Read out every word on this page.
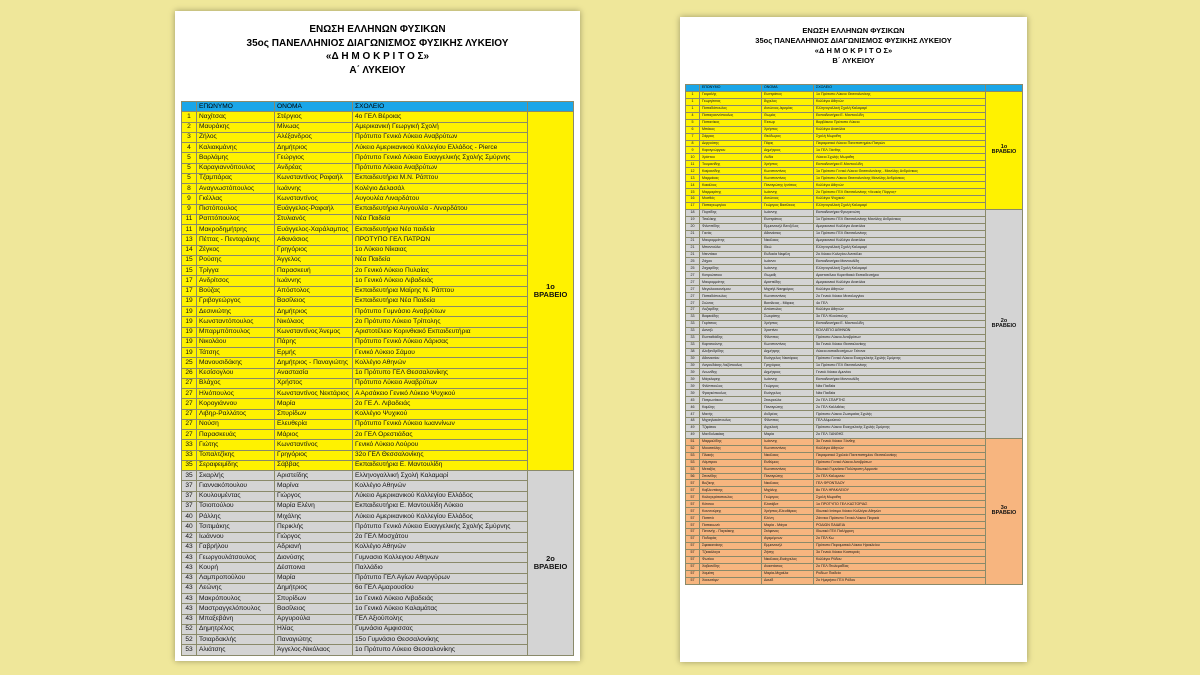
ΕΝΩΣΗ ΕΛΛΗΝΩΝ ΦΥΣΙΚΩΝ
35ος ΠΑΝΕΛΛΗΝΙΟΣ ΔΙΑΓΩΝΙΣΜΟΣ ΦΥΣΙΚΗΣ ΛΥΚΕΙΟΥ
«Δ Η Μ Ο Κ Ρ Ι Τ Ο Σ»
Α΄ ΛΥΚΕΙΟΥ
	ΕΠΩΝΥΜΟ	ΟΝΟΜΑ	ΣΧΟΛΕΙΟ	
1	Ναχίτσας	Στέργιος	4ο ΓΕΛ Βέροιας	1ο ΒΡΑΒΕΙΟ
2	Μαυράκης	Μίνωας	Αμερικανική Γεωργική Σχολή	
3	Ζήλος	Αλέξανδρος	Πρότυπο Γενικό Λύκειο Αναβρύτων	
4	Καλιακμάνης	Δημήτριος	Λύκειο Αμερικανικού Κολλεγίου Ελλάδος - Pierce	
5	Βαρλάμης	Γεώργιος	Πρότυπο Γενικό Λύκειο Ευαγγελικής Σχολής Σμύρνης	
5	Καραγιαννόπουλος	Ανδρέας	Πρότυπο Λύκειο Αναβρύτων	
5	Τζαμπάρας	Κωνσταντίνος Ραφαήλ	Εκπαιδευτήρια Μ.Ν. Ράπτου	
8	Αναγνωστόπουλος	Ιωάννης	Κολέγιο Δελασάλ	
9	Γκέλλας	Κωνσταντίνος	Αυγουλέα Λιναρδάτου	
9	Πιστόπουλος	Ευάγγελος-Ραφαήλ	Εκπαιδευτήρια Αυγουλέα - Λιναρδάτου	
11	Ραπτόπουλος	Στυλιανός	Νέα Παιδεία	
11	Μακροδημήτρης	Ευάγγελος-Χαράλαμπος	Εκπαιδευτήρια Νέα παιδεία	
13	Πέττας - Πενταράκης	Αθανάσιος	ΠΡΟΤΥΠΟ ΓΕΛ ΠΑΤΡΩΝ	
14	Ζέγκος	Γρηγόριος	1ο Λύκειο Νίκαιας	
15	Ρούσης	Άγγελος	Νέα Παιδεία	
15	Τρίγγα	Παρασκευή	2ο Γενικό Λύκειο Πυλαίας	
17	Ανδρίτσος	Ιωάννης	1ο Γενικό Λύκειο Λιβαδειάς	
17	Βούζας	Απόστολος	Εκπαιδευτήρια Μαίρης Ν. Ράπτου	
19	Γριβογεώργος	Βασίλειος	Εκπαιδευτήρια Νέα Παιδεία	
19	Δεσινιώτης	Δημήτριος	Πρότυπο Γυμνάσιο Αναβρύτων	
19	Κωνσταντόπουλος	Νικόλαος	2ο Πρότυπο Λύκειο Τρίπολης	
19	Μπαρμπόπουλος	Κωνσταντίνος Άνεμος	Αριστοτέλειο Κορινθιακό Εκπαιδευτήρια	
19	Νικολάου	Πάρης	Πρότυπο Γενικό Λύκειο Λάρισας	
19	Τάτσης	Ερμής	Γενικό Λύκειο Σάμου	
25	Μανουσιδάκης	Δημήτριος - Παναγιώτης	Κολλέγιο Αθηνών	
26	Κεσίσογλου	Αναστασία	1ο Πρότυπο ΓΕΛ Θεσσαλονίκης	
27	Βλάχος	Χρήστος	Πρότυπο Λύκειο Αναβρύτων	
27	Ηλιόπουλος	Κωνσταντίνος Νεκτάριος	Α Αρσάκειο Γενικό Λύκειο Ψυχικού	
27	Κοροyιάννου	Μαρία	2ο ΓΕ.Λ. Λιβαδειάς	
27	Λιβηρ-Ραλλάτος	Σπυρίδων	Κολλέγιο Ψυχικού	
27	Νούση	Ελευθερία	Πρότυπο Γενικό Λύκειο Ιωαννίνων	
27	Παρασκευάς	Μάριος	2ο ΓΕΛ Ορεστιάδας	
33	Γιώτης	Κωνσταντίνος	Γενικό Λύκειο Λούρου	
33	Τοπαλτζίκης	Γρηγόριος	32ο ΓΕΛ Θεσσαλονίκης	
35	Σεραφειμίδης	Σάββας	Εκπαιδευτήρια Ε. Μαντουλίδη	
35	Σκαρλής	Αριστείδης	Ελληνογαλλική Σχολή Καλαμαρί	2ο ΒΡΑΒΕΙΟ
37	Γιαννακόπουλου	Μαρίνα	Κολλέγιο Αθηνών	
37	Κουλουμέντας	Γιώργος	Λύκειο Αμερικανικού Κολλεγίου Ελλάδος	
37	Τσιοπούλου	Μαρία Ελένη	Εκπαιδευτήρια Ε. Μαντουλίδη Λύκειο	
40	Ράλλης	Μιχάλης	Λύκειο Αμερικανικού Κολλεγίου Ελλάδος	
40	Τσιτιμάκης	Περικλής	Πρότυπο Γενικό Λύκειο Ευαγγελικής Σχολής Σμύρνης	
42	Ιωάννου	Γιώργος	2ο ΓΕΛ Μοσχάτου	
43	Γαβρήλου	Αδριανή	Κολλέγιο Αθηνών	
43	Γεωργουλάτσουλος	Διονύσης	Γυμνασιο Κολλεγιου Αθηνων	
43	Κουρή	Δέσποινα	Παλλάδιο	
43	Λαμπροπούλου	Μαρία	Πρότυπο ΓΕΛ Αγίων Αναργύρων	
43	Λεώνης	Δημήτριος	6ο ΓΕΛ Αμαρουσίου	
43	Μακρόπουλος	Σπυρίδων	1ο Γενικό Λύκειο Λιβαδειάς	
43	Μαστραγγελόπουλος	Βασίλειος	1ο Γενικό Λύκειο Καλαμάτας	
43	Μπαξεβάνη	Αργυρούλα	ΓΕΛ Αξιούπολης	
52	Δημητρέλος	Ηλίας	Γυμνάσιο Αμφισσας	
52	Τσιαρδακλής	Παναγιώτης	15ο Γυμνάσιο Θεσσαλονίκης	
53	Αλιάτσης	Άγγελος-Νικόλαος	1ο Πρότυπο Λύκειο Θεσσαλονίκης	
ΕΝΩΣΗ ΕΛΛΗΝΩΝ ΦΥΣΙΚΩΝ
35ος ΠΑΝΕΛΛΗΝΙΟΣ ΔΙΑΓΩΝΙΣΜΟΣ ΦΥΣΙΚΗΣ ΛΥΚΕΙΟΥ
«Δ Η Μ Ο Κ Ρ Ι Τ Ο Σ»
Β΄ ΛΥΚΕΙΟΥ
	ΕΠΩΝΥΜΟ	ΟΝΟΜΑ	ΣΧΟΛΕΙΟ	
1	Γιαμαλής	Ευστράτιος	1ο Πρότυπο Λύκειο Θεσσαλονίκης	1ο ΒΡΑΒΕΙΟ
1	Γεωργίτσας	Άγγελος	Κολλέγιο Αθηνών	
1	Παπαδόπουλος	Αντώνιος-Ιερεμίας	Ελληνογαλλική Σχολή Καλαμαρί	
4	Παπαγιαννόπουλος	Θωμάς	Εκπαιδευτήρια Ε. Μαντουλίδη	
5	Παπανίκας	Έκτωρ	Βαρβάκειο Πρότυπο Λύκειο	
6	Μπάκος	Χρήστος	Κολλέγιο Ανατόλια	
7	Σάρρας	Θεόδωρος	Σχολή Μωραΐτη	
8	Δεργούτης	Πάρις	Πειραματικό Λύκειο Πανεπιστημίου Πατρών	
9	Καραγεώργιου	Δημήτριος	1ο ΓΕΛ Ξάνθης	
10	Χρίστου	Λυδία	Λύκειο Σχολής Μωραΐτη	
11	Τουμανίδης	Χρήστος	Εκπαιδευτήρια Ε.Μαντουλίδη	
12	Καψιανίδης	Κωνσταντίνος	1ο Πρότυπο Γενικό Λύκειο Θεσσαλονίκης - Μανόλης Ανδρόνικος	
13	Μαρμάκας	Κωνσταντίνος	1ο Πρότυπο Λύκειο Θεσσαλονίκης Μανόλης Ανδρόνικος	
14	Κακάλιος	Παναγιώτης Ιγνάτιος	Κολλέγιο Αθηνών	
15	Μαρμαρίτης	Ιωάννης	2ο Πρότυπο ΓΕΛ Θεσσαλονίκης «Λευκός Πύργος»	
16	Μυσθός	Αντώνιος	Κολλέγιο Ψυχικού	
17	Παπαγεωργίου	Γεώργιος Βασίλειος	Ελληνογαλλική Σχολή Καλαμαρί	
18	Πορτίδης	Ιωάννης	Εκπαιδευτήρια Φρυγανιώτη	2ο ΒΡΑΒΕΙΟ
19	Τσαλίκης	Ευστράτιος	1ο Πρότυπο ΓΕΛ Θεσσαλονίκης Μανόλης Ανδρόνικος	
20	Φιλιππίδης	Εμμανουήλ Βενιζέλος	Αμερικανικό Κολλέγιο Ανατόλια	
21	Γανάς	Αθανάσιος	1ο Πρότυπο ΓΕΛ Θεσσαλονίκης	
21	Μαυρομμάτης	Νικόλαος	Αμερικανικό Κολλέγιο Ανατόλια	
21	Μπαντούλα	Ιδεώ	Ελληνογαλλική Σχολή Καλαμαρί	
21	Ντεντάκα	Ευδοκία Νεφέλη	2ο Λύκειο Κολεγίου Ανατόλια	
25	Ζάχου	Ιωάννα	Εκπαιδευτήρια Μαντουλίδη	
25	Ζαχαρίδης	Ιωάννης	Ελληνογαλλική Σχολή Καλαμαρί	
27	Κατριώτσιου	Θωμαΐς	Αριστοτέλειο Κορινθιακό Εκπαιδευτήριο	
27	Μαυρομμάτης	Αριστείδης	Αμερικανικό Κολλέγιο Ανατόλια	
27	Μεγαλοοικονόμου	Μιχαήλ Νικηφόρος	Κολλέγιο Αθηνών	
27	Παπαδόπουλος	Κωνσταντίνος	2ο Γενικό Λύκειο Μεσολογγίου	
27	Σιώνας	Βασίλειος - Μάριος	4ο ΓΕΛ	
27	Λαζαρίδης	Απόστολος	Κολλέγιο Αθηνών	
33	Βαφειάδης	Σωκράτης	3ο ΓΕΛ Ηλιούπολης	
33	Γκρίτσιος	Χρήστος	Εκπαιδευτήρια Ε. Μαντουλίδη	
33	Δανιήλ	Χριστίνα	ΚΟΛΛΕΓΙΟ ΑΘΗΝΩΝ	
33	Ευσταθιάδης	Φίλιππος	Πρότυπο Λύκειο Αναβρύτων	
33	Καρτσιούνης	Κωνσταντίνος	5ο Γενικό Λύκειο Θεσσαλονίκης	
38	Αλεξανδρίδης	Δημήτρης	Λύκειο εκπαιδευτήριων Γείτονα	
39	Αθανασίου	Ευάγγελος Νεκτάριος	Πρότυπο Γενικό Λύκειο Ευαγγελικής Σχολής Σμύρνης	
39	Λαγουδάκης Λαζόπουλος	Γρηγόριος	1ο Πρότυπο ΓΕΛ Θεσσαλονίκης	
39	Λεωνίδης	Δημήτριος	Γενικό Λύκειο Αμυνίου	
39	Μάγκλαρης	Ιωάννης	Εκπαιδευτήρια Μαντουλίδη	
39	Φιλίππουλος	Γεώργιος	Νέα Παιδεία	
39	Φραγκόπουλος	Ευάγγελος	Νέα Παιδεία	
45	Πατρωνάκου	Σταυρούλα	2ο ΓΕΛ ΣΠΑΡΤΗΣ	
46	Καμίλης	Παναγιώτης	2ο ΓΕΛ Καλλιθέας	
47	Μανής	Ανδρέας	Πρότυπο Λύκειο Ζωσιμαίας Σχολής	
48	Μιχαηλακόπουλος	Φίλιππος	ΓΕΛ Αλιμούσού	
49	Τζιφάτου	Αγγελική	Πρότυπο Λύκειο Ευαγγελικής Σχολής Σμύρνης	
49	Μανδυλακάκη	Μαρία	2ο ΓΕΛ ΞΑΝΘΗΣ	
51	Μαρμαλίδης	Ιωάννης	3ο Γενικό Λύκειο Ξάνθης	3ο ΒΡΑΒΕΙΟ
52	Μουσσάλης	Κωνσταντίνος	Κολλέγιο Αθηνών	
53	Πλακής	Νικόλαος	Πειραματικό Σχολείο Πανεπιστημίου Θεσσαλονίκης	
53	Λάμπρου	Ευθύμιος	Πρότυπο Γενικό Λύκειο Αναβρύτων	
53	Μεταξάς	Κωνσταντίνος	Ιδιωτικό Γυμνάσιο Πολύτροπη Αρμονία	
56	Σπανίδης	Παναγιώτης	2ο ΓΕΛ Καλυμνου	
57	Βοζίκης	Νικόλαος	ΓΕΛ ΦΡΟΝΤΙΔΟΥ	
57	Καβλεντάκης	Μιχάλης	8ο ΓΕΛ ΗΡΑΚΛΕΙΟΥ	
57	Καλογεράτοπουλος	Γεώργιος	Σχολή Μωραΐτη	
57	Κότσου	Ελισάβετ	1ο ΠΡΟΤΥΠΟ ΓΕΛ ΚΑΣΤΟΡΙΑΣ	
57	Κουντούρης	Χρήστος-Ελευθέριος	Ιδιωτικό Ισότιμο Λύκειο Κολλέγιο Αθηνών	
57	Παππά	Ελένη	Ζάννειο Πρότυπο Γενικό Λύκειο Πειραιά	
57	Παπακωνά	Μαρία - Μάγια	ΡΟΔΙΩΝ ΠΑΙΔΕΙΑ	
57	Πετανής - Παγκάκης	Στέφανος	Ιδιωτικό ΓΕΛ Παλήρροη	
57	Ποδαράς	Αγαμέμνων	2ο ΓΕΛ Κω	
57	Σφακιανάκης	Εμμανουήλ	Πρότυπο Πειραματικό Λύκειο Ηρακλείου	
57	Τζιακάλογα	Ζήσης	3ο Γενικό Λύκειο Καστοριάς	
57	Φωτίου	Νικόλαος-Ευάγγελος	Κολλέγιο Ρόδου	
57	Χαβιανίδης	Αναστάσιος	2ο ΓΕΛ Πτολεμαΐδας	
57	Χαμάτη	Μαρία-Μιχαέλα	Ροδίων Παιδεία	
57	Χαουσάμν	Δαυίδ	2ο Ημερήσιο ΓΕΛ Ρόδου	
